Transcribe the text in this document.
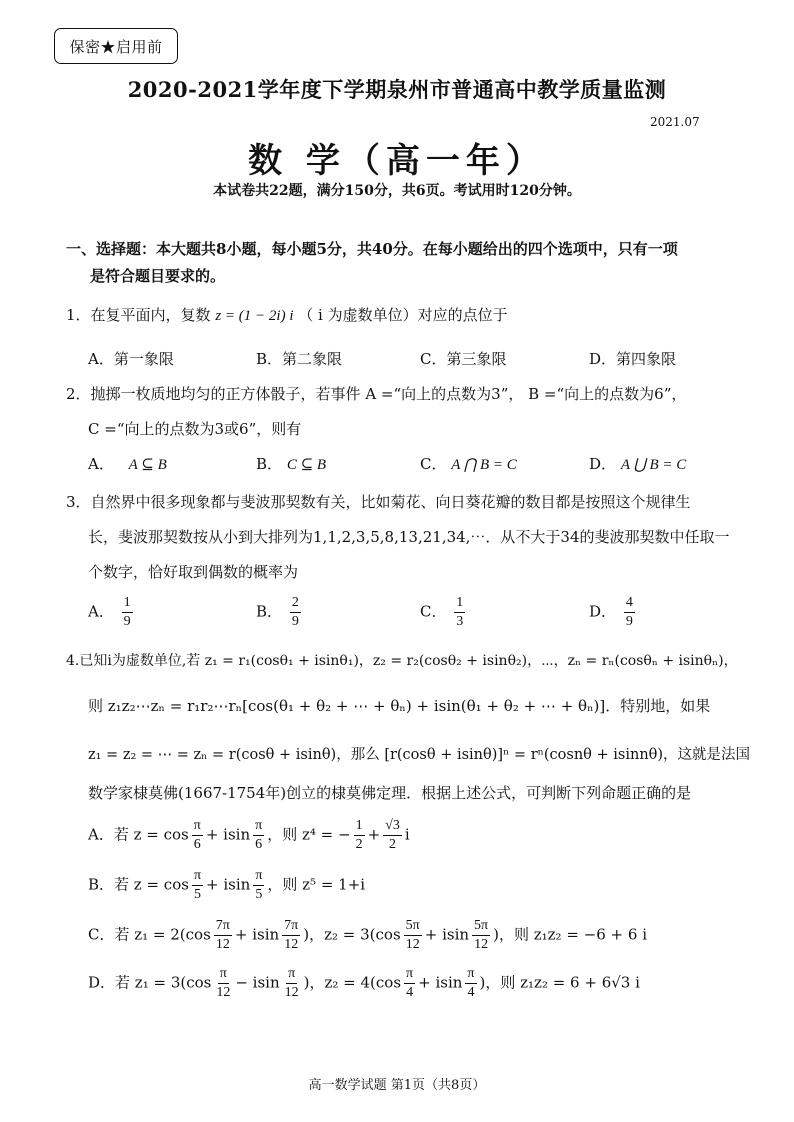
保密★启用前
2020-2021学年度下学期泉州市普通高中教学质量监测
2021.07
数 学（高一年）
本试卷共22题，满分150分，共6页。考试用时120分钟。
一、选择题：本大题共8小题，每小题5分，共40分。在每小题给出的四个选项中，只有一项
是符合题目要求的。
1．在复平面内，复数 z = (1 − 2i) i （ i 为虚数单位）对应的点位于
A．第一象限	B．第二象限	C．第三象限	D．第四象限
2．抛掷一枚质地均匀的正方体骰子，若事件 A =“向上的点数为3”， B =“向上的点数为6”，
C =“向上的点数为3或6”，则有
A． A ⊆ B	B． C ⊆ B	C． A ⋂ B = C	D． A ⋃ B = C
3．自然界中很多现象都与斐波那契数有关，比如菊花、向日葵花瓣的数目都是按照这个规律生
长，斐波那契数按从小到大排列为1,1,2,3,5,8,13,21,34,⋯．从不大于34的斐波那契数中任取一
个数字，恰好取到偶数的概率为
A． $\frac{1}{9}$	B． $\frac{2}{9}$	C． $\frac{1}{3}$	D． $\frac{4}{9}$
4.已知i为虚数单位,若 z₁ = r₁(cosθ₁ + isinθ₁)，z₂ = r₂(cosθ₂ + isinθ₂)，⋯，zₙ = rₙ(cosθₙ + isinθₙ)，
则 z₁z₂⋯zₙ = r₁r₂⋯rₙ[cos(θ₁ + θ₂ + ⋯ + θₙ) + isin(θ₁ + θ₂ + ⋯ + θₙ)]．特别地，如果
z₁ = z₂ = ⋯ = zₙ = r(cosθ + isinθ)，那么 [r(cosθ + isinθ)]ⁿ = rⁿ(cosnθ + isinnθ)，这就是法国
数学家棣莫佛(1667-1754年)创立的棣莫佛定理．根据上述公式，可判断下列命题正确的是
A．若 $z = \cos \frac{\pi}{6} + isin \frac{\pi}{6}$ ，则 z⁴ = − $\frac{1}{2} + \frac{√3}{2}$ i
B．若 $z = \cos \frac{\pi}{5} + isin \frac{\pi}{5}$ ，则 z⁵ = 1+i
C．若 $z_1 = 2(\cos \frac{7\pi}{12} + isin \frac{7\pi}{12}$ )，$z_2 = 3(\cos \frac{5\pi}{12} + isin \frac{5\pi}{12}$ )，则 z₁z₂ = −6 + 6 i
D．若 $z_1 = 3(\cos \frac{\pi}{12} - isin \frac{\pi}{12}$ )，$z_2 = 4(\cos \frac{\pi}{4} + isin \frac{\pi}{4}$ )，则 z₁z₂ = 6 + 6√3 i
高一数学试题 第1页（共8页）
